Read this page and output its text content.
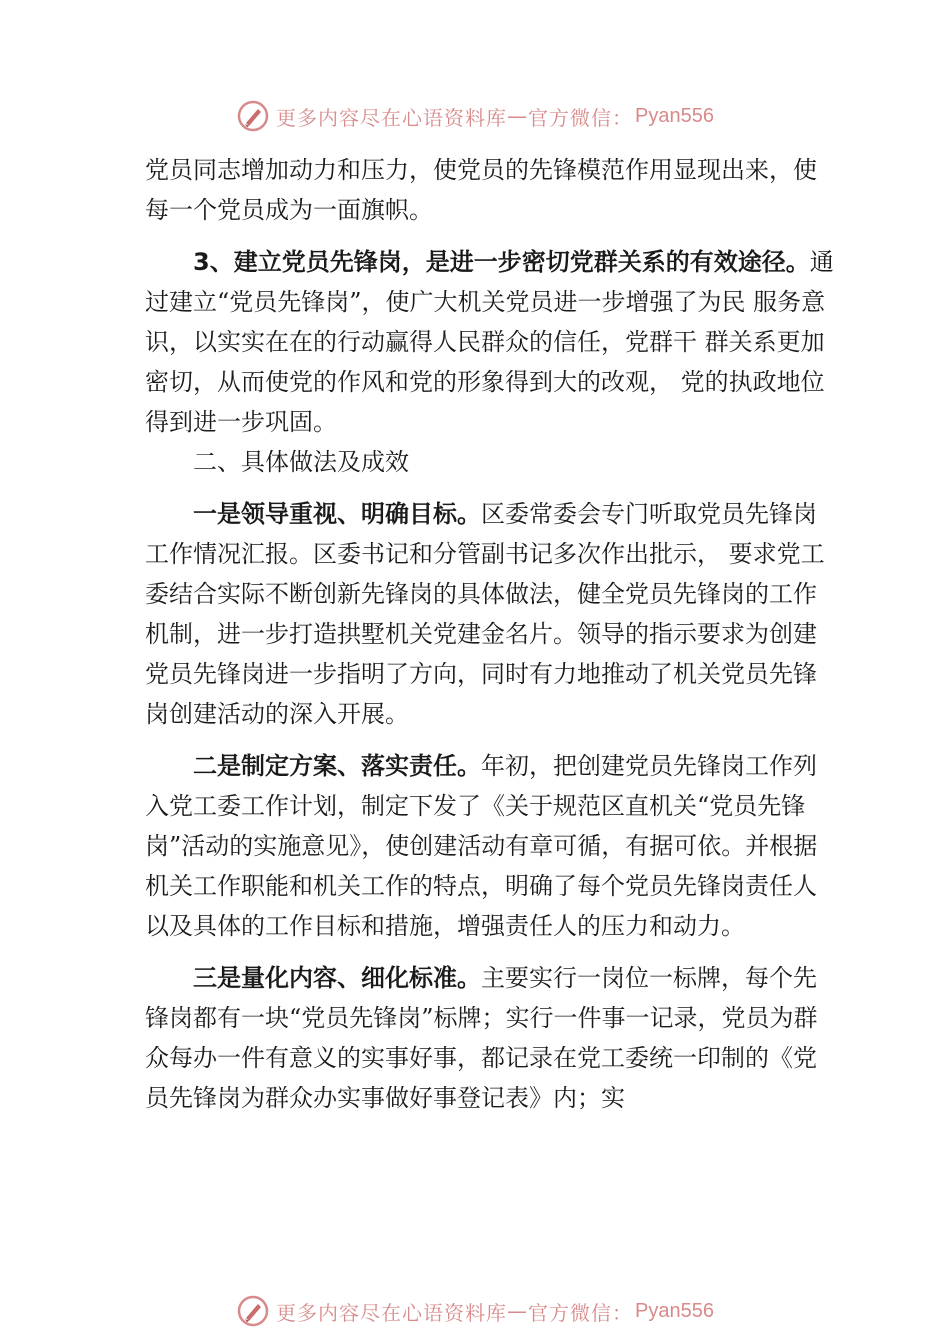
更多内容尽在心语资料库 — 官方微信： Pyan556

党员同志增加动力和压力，使党员的先锋模范作用显现出来，使每一个党员成为一面旗帜。

3、建立党员先锋岗，是进一步密切党群关系的有效途径。通过建立“党员先锋岗”，使广大机关党员进一步增强了为民 服务意识，以实实在在的行动赢得人民群众的信任，党群干 群关系更加密切，从而使党的作风和党的形象得到大的改观， 党的执政地位得到进一步巩固。

二、具体做法及成效

一是领导重视、明确目标。区委常委会专门听取党员先锋岗工作情况汇报。区委书记和分管副书记多次作出批示， 要求党工委结合实际不断创新先锋岗的具体做法，健全党员先锋岗的工作机制，进一步打造拱墅机关党建金名片。领导的指示要求为创建党员先锋岗进一步指明了方向，同时有力地推动了机关党员先锋岗创建活动的深入开展。

二是制定方案、落实责任。年初，把创建党员先锋岗工作列入党工委工作计划，制定下发了《关于规范区直机关“党员先锋岗”活动的实施意见》，使创建活动有章可循，有据可依。并根据机关工作职能和机关工作的特点，明确了每个党员先锋岗责任人以及具体的工作目标和措施，增强责任人的压力和动力。

三是量化内容、细化标准。主要实行一岗位一标牌，每个先锋岗都有一块“党员先锋岗”标牌；实行一件事一记录，党员为群众每办一件有意义的实事好事，都记录在党工委统一印制的《党员先锋岗为群众办实事做好事登记表》内；实

更多内容尽在心语资料库 — 官方微信： Pyan556
